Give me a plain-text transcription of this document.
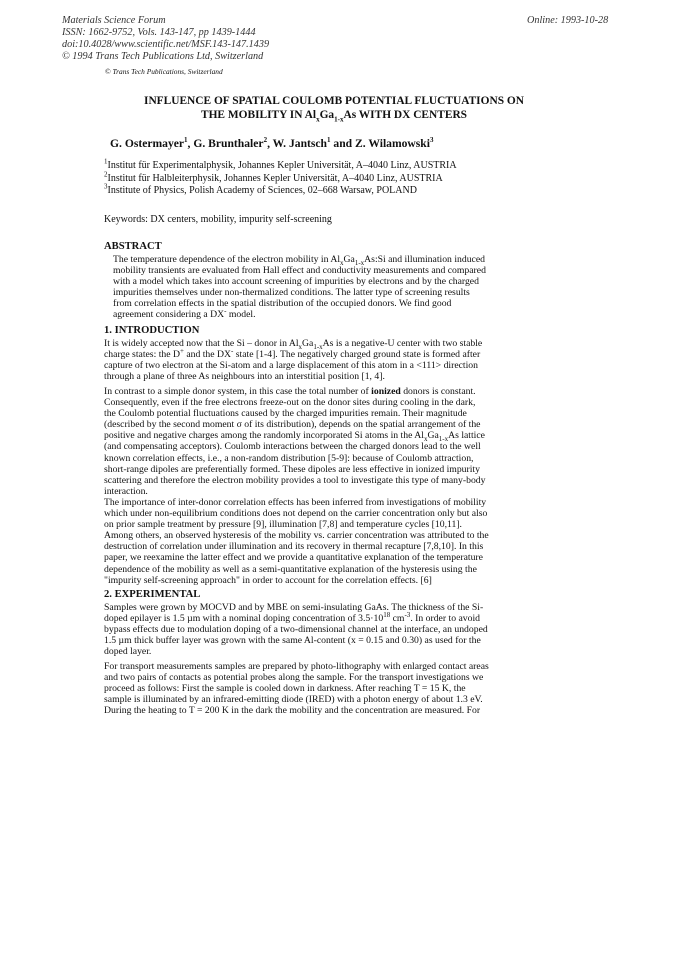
Materials Science Forum
ISSN: 1662-9752, Vols. 143-147, pp 1439-1444
doi:10.4028/www.scientific.net/MSF.143-147.1439
© 1994 Trans Tech Publications Ltd, Switzerland
Online: 1993-10-28
© Trans Tech Publications, Switzerland
INFLUENCE OF SPATIAL COULOMB POTENTIAL FLUCTUATIONS ON
THE MOBILITY IN $Al_xGa_{1-x}As$ WITH DX CENTERS
G. Ostermayer$^1$, G. Brunthaler$^2$, W. Jantsch$^1$ and Z. Wilamowski$^3$
$^1$Institut für Experimentalphysik, Johannes Kepler Universität, A–4040 Linz, AUSTRIA
$^2$Institut für Halbleiterphysik, Johannes Kepler Universität, A–4040 Linz, AUSTRIA
$^3$Institute of Physics, Polish Academy of Sciences, 02–668 Warsaw, POLAND
Keywords: DX centers, mobility, impurity self-screening
ABSTRACT
The temperature dependence of the electron mobility in $Al_xGa_{1-x}As:Si$ and illumination induced
mobility transients are evaluated from Hall effect and conductivity measurements and compared
with a model which takes into account screening of impurities by electrons and by the charged
impurities themselves under non-thermalized conditions. The latter type of screening results
from correlation effects in the spatial distribution of the occupied donors. We find good
agreement considering a DX- model.
1. INTRODUCTION
It is widely accepted now that the Si – donor in $Al_xGa_{1-x}As$ is a negative-U center with two stable
charge states: the D+ and the DX- state [1-4]. The negatively charged ground state is formed after
capture of two electron at the Si-atom and a large displacement of this atom in a <111> direction
through a plane of three As neighbours into an interstitial position [1, 4].
In contrast to a simple donor system, in this case the total number of ionized donors is constant.
Consequently, even if the free electrons freeze-out on the donor sites during cooling in the dark,
the Coulomb potential fluctuations caused by the charged impurities remain. Their magnitude
(described by the second moment σ of its distribution), depends on the spatial arrangement of the
positive and negative charges among the randomly incorporated Si atoms in the $Al_xGa_{1-x}As$ lattice
(and compensating acceptors). Coulomb interactions between the charged donors lead to the well
known correlation effects, i.e., a non-random distribution [5-9]: because of Coulomb attraction,
short-range dipoles are preferentially formed. These dipoles are less effective in ionized impurity
scattering and therefore the electron mobility provides a tool to investigate this type of many-body
interaction.
The importance of inter-donor correlation effects has been inferred from investigations of mobility
which under non-equilibrium conditions does not depend on the carrier concentration only but also
on prior sample treatment by pressure [9], illumination [7,8] and temperature cycles [10,11].
Among others, an observed hysteresis of the mobility vs. carrier concentration was attributed to the
destruction of correlation under illumination and its recovery in thermal recapture [7,8,10]. In this
paper, we reexamine the latter effect and we provide a quantitative explanation of the temperature
dependence of the mobility as well as a semi-quantitative explanation of the hysteresis using the
"impurity self-screening approach" in order to account for the correlation effects. [6]
2. EXPERIMENTAL
Samples were grown by MOCVD and by MBE on semi-insulating GaAs. The thickness of the Si-
doped epilayer is 1.5 µm with a nominal doping concentration of $3.5\cdot 10^{18}$ $cm^{-3}$. In order to avoid
bypass effects due to modulation doping of a two-dimensional channel at the interface, an undoped
1.5 µm thick buffer layer was grown with the same Al-content (x = 0.15 and 0.30) as used for the
doped layer.
For transport measurements samples are prepared by photo-lithography with enlarged contact areas
and two pairs of contacts as potential probes along the sample. For the transport investigations we
proceed as follows: First the sample is cooled down in darkness. After reaching T = 15 K, the
sample is illuminated by an infrared-emitting diode (IRED) with a photon energy of about 1.3 eV.
During the heating to T = 200 K in the dark the mobility and the concentration are measured. For
